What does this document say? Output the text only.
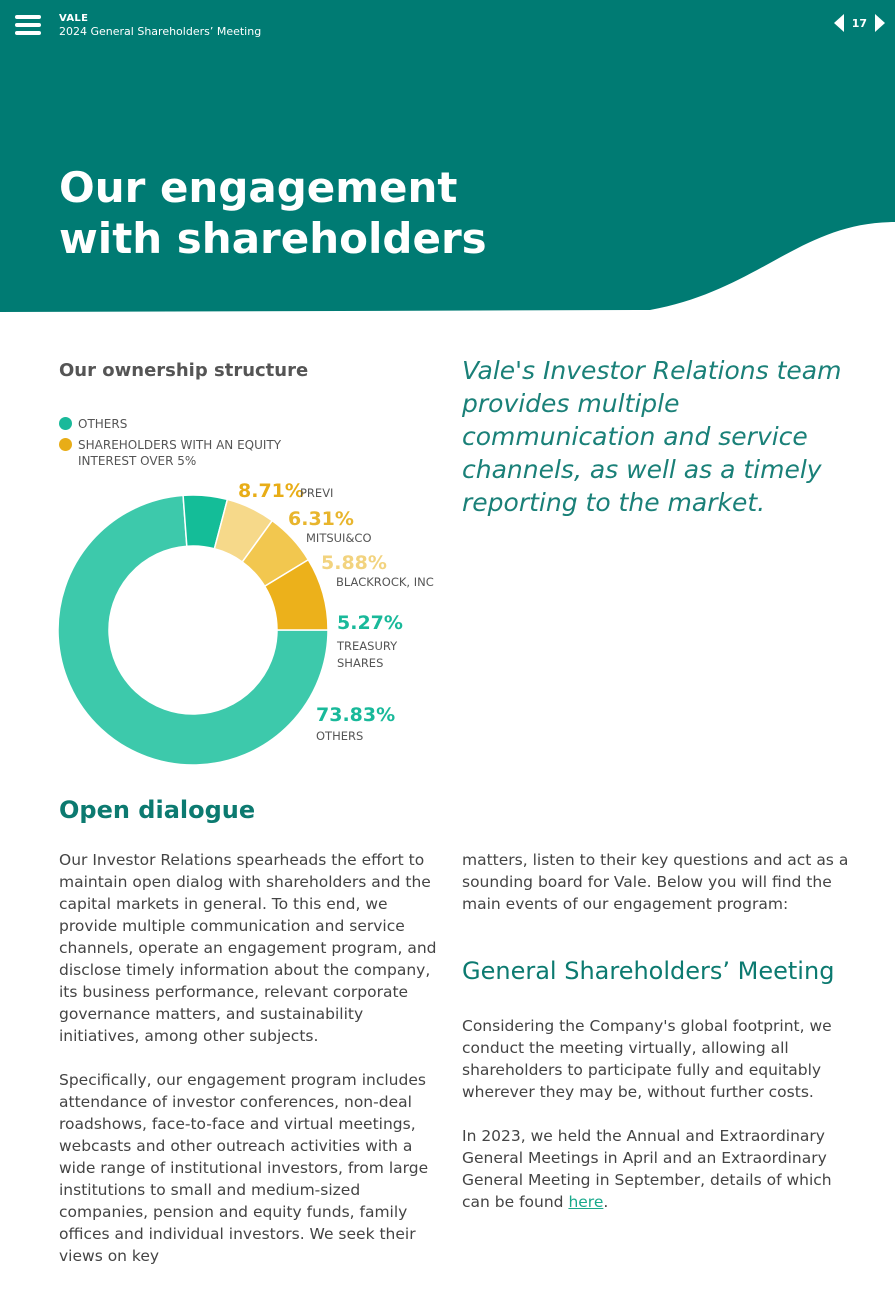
VALE
2024 General Shareholders’ Meeting
17
Our engagement
with shareholders
Our ownership structure
OTHERS
SHAREHOLDERS WITH AN EQUITY INTEREST OVER 5%
73.83%
OTHERS
5.27%
TREASURY
SHARES
5.88%
BLACKROCK, INC
6.31%
MITSUI&CO
8.71%
PREVI

Vale's Investor Relations team provides multiple communication and service channels, as well as a timely reporting to the market.

Open dialogue

Our Investor Relations spearheads the effort to maintain open dialog with shareholders and the capital markets in general. To this end, we provide multiple communication and service channels, operate an engagement program, and disclose timely information about the company, its business performance, relevant corporate governance matters, and sustainability initiatives, among other subjects.

Specifically, our engagement program includes attendance of investor conferences, non-deal roadshows, face-to-face and virtual meetings, webcasts and other outreach activities with a wide range of institutional investors, from large institutions to small and medium-sized companies, pension and equity funds, family offices and individual investors. We seek their views on key

matters, listen to their key questions and act as a sounding board for Vale. Below you will find the main events of our engagement program:

General Shareholders’ Meeting

Considering the Company's global footprint, we conduct the meeting virtually, allowing all shareholders to participate fully and equitably wherever they may be, without further costs.

In 2023, we held the Annual and Extraordinary General Meetings in April and an Extraordinary General Meeting in September, details of which can be found here.
